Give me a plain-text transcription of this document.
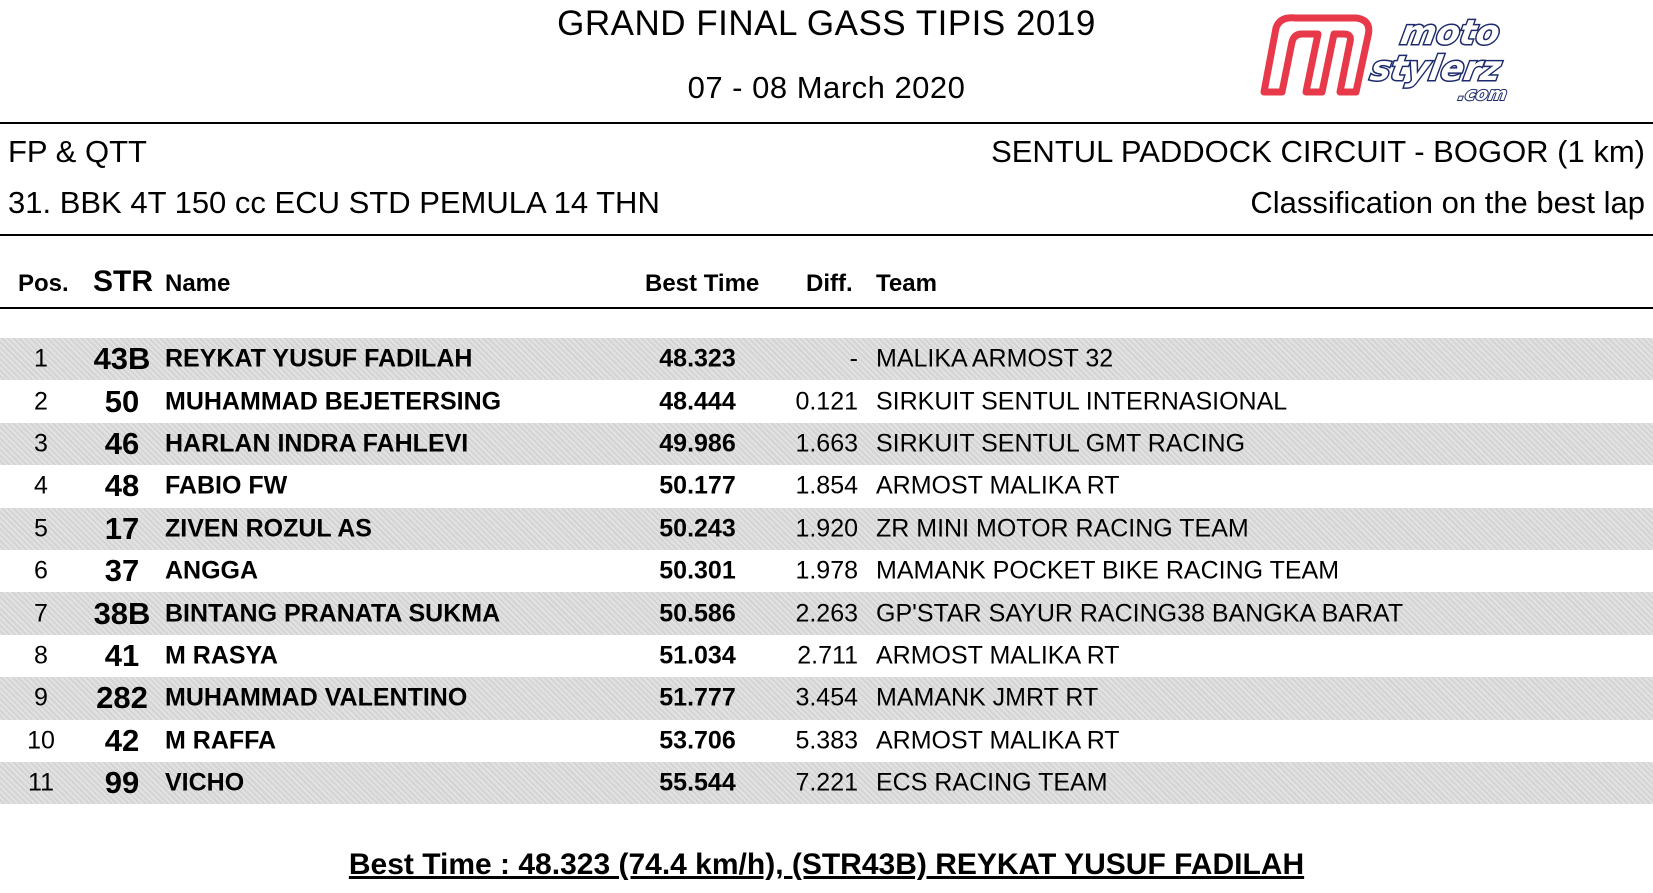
GRAND FINAL GASS TIPIS 2019
07 - 08 March 2020
moto
stylerz
.com
FP & QTT	SENTUL PADDOCK CIRCUIT - BOGOR (1 km)
31. BBK 4T 150 cc ECU STD PEMULA 14 THN	Classification on the best lap
Pos. STR Name	Best Time Diff. Team
1	43B REYKAT YUSUF FADILAH	48.323	- MALIKA ARMOST 32
2	50	MUHAMMAD BEJETERSING	48.444	0.121 SIRKUIT SENTUL INTERNASIONAL
3	46	HARLAN INDRA FAHLEVI	49.986	1.663 SIRKUIT SENTUL GMT RACING
4	48	FABIO FW	50.177	1.854 ARMOST MALIKA RT
5	17	ZIVEN ROZUL AS	50.243	1.920 ZR MINI MOTOR RACING TEAM
6	37	ANGGA	50.301	1.978 MAMANK POCKET BIKE RACING TEAM
7	38B BINTANG PRANATA SUKMA	50.586	2.263 GP'STAR SAYUR RACING38 BANGKA BARAT
8	41	M RASYA	51.034	2.711 ARMOST MALIKA RT
9	282 MUHAMMAD VALENTINO	51.777	3.454 MAMANK JMRT RT
10	42	M RAFFA	53.706	5.383 ARMOST MALIKA RT
11	99	VICHO	55.544	7.221 ECS RACING TEAM
Best Time : 48.323 (74.4 km/h), (STR43B) REYKAT YUSUF FADILAH
